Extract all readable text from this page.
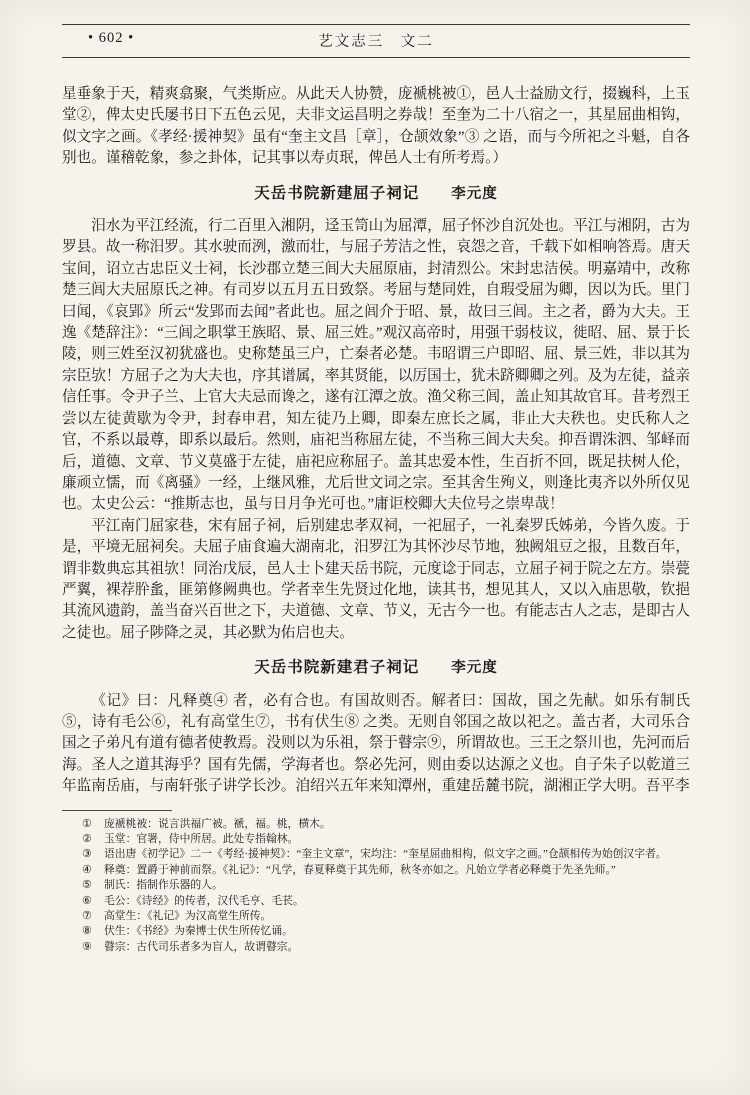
• 602 •	艺文志三　文二

星垂象于天，精爽翕聚，气类斯应。从此天人协赞，庞褫桃被①，邑人士益励文行，掇巍科，上玉堂②，俾太史氏屡书日下五色云见，夫非文运昌明之券哉！至奎为二十八宿之一，其星屈曲相钩，似文字之画。《孝经·援神契》虽有“奎主文昌［章］，仓颉效象”③ 之语，而与今所祀之斗魁，自各别也。谨稽乾象，参之卦体，记其事以寿贞珉，俾邑人士有所考焉。）

天岳书院新建屈子祠记 李元度

汨水为平江经流，行二百里入湘阴，迳玉笥山为屈潭，屈子怀沙自沉处也。平江与湘阴，古为罗县。故一称汨罗。其水驶而洌，激而壮，与屈子芳洁之性，哀怨之音，千载下如相响答焉。唐天宝间，诏立古忠臣义士祠，长沙郡立楚三闾大夫屈原庙，封清烈公。宋封忠洁侯。明嘉靖中，改称楚三闾大夫屈原氏之神。有司岁以五月五日致祭。考屈与楚同姓，自瑕受屈为卿，因以为氏。里门曰闻，《哀郢》所云“发郢而去闻”者此也。屈之闾介于昭、景，故曰三闾。主之者，爵为大夫。王逸《楚辞注》：“三闾之职掌王族昭、景、屈三姓。”观汉高帝时，用强干弱枝议，徙昭、屈、景于长陵，则三姓至汉初犹盛也。史称楚虽三户，亡秦者必楚。韦昭谓三户即昭、屈、景三姓，非以其为宗臣欤！方屈子之为大夫也，序其谱属，率其贤能，以厉国士，犹未跻卿卿之列。及为左徒，益亲信任事。令尹子兰、上官大夫忌而谗之，遂有江潭之放。渔父称三闾，盖止知其故官耳。昔考烈王尝以左徒黄歇为令尹，封春申君，知左徒乃上卿，即秦左庶长之属，非止大夫秩也。史氏称人之官，不系以最尊，即系以最后。然则，庙祀当称屈左徒，不当称三闾大夫矣。抑吾谓洙泗、邹峄而后，道德、文章、节义莫盛于左徒，庙祀应称屈子。盖其忠爱本性，生百折不回，既足扶树人伦，廉顽立懦，而《离骚》一经，上继风雅，尤后世文词之宗。至其舍生殉义，则逢比夷齐以外所仅见也。太史公云：“推斯志也，虽与日月争光可也。”庸讵校卿大夫位号之崇卑哉！

平江南门屈家巷，宋有屈子祠，后别建忠孝双祠，一祀屈子，一礼秦罗氏姊弟，今皆久废。于是，平境无屈祠矣。夫屈子庙食遍大湖南北，汨罗江为其怀沙尽节地，独阙俎豆之报，且数百年，谓非数典忘其祖欤！同治戊辰，邑人士卜建天岳书院，元度谂于同志，立屈子祠于院之左方。崇甍严翼，裸荐肸蚃，匪第修阙典也。学者幸生先贤过化地，读其书，想见其人，又以入庙思敬，钦挹其流风遗韵，盖当奋兴百世之下，夫道德、文章、节义，无古今一也。有能志古人之志，是即古人之徒也。屈子陟降之灵，其必默为佑启也夫。

天岳书院新建君子祠记 李元度

《记》曰：凡释奠④ 者，必有合也。有国故则否。解者曰：国故，国之先献。如乐有制氏⑤，诗有毛公⑥，礼有高堂生⑦，书有伏生⑧ 之类。无则自邻国之故以祀之。盖古者，大司乐合国之子弟凡有道有德者使教焉。没则以为乐祖，祭于瞽宗⑨，所谓故也。三王之祭川也，先河而后海。圣人之道其海乎？国有先儒，学海者也。祭必先河，则由委以达源之义也。自子朱子以乾道三年监南岳庙，与南轩张子讲学长沙。洎绍兴五年来知潭州，重建岳麓书院，湖湘正学大明。吾平李

①	庞褫桃被：说言洪福广被。褫，福。桃，横木。
②	玉堂：官署，侍中所居。此处专指翰林。
③	语出唐《初学记》二一《考经·援神契》：“奎主文章”，宋均注：“奎星屈曲相构，似文字之画。”仓颉相传为始创汉字者。
④	释奠：置爵于神前而祭。《礼记》：“凡学，春夏释奠于其先师，秋冬亦如之。凡始立学者必释奠于先圣先师。”
⑤	制氏：指制作乐器的人。
⑥	毛公：《诗经》的传者，汉代毛亨、毛苌。
⑦	高堂生：《礼记》为汉高堂生所传。
⑧	伏生：《书经》为秦博士伏生所传忆诵。
⑨	瞽宗：古代司乐者多为盲人，故谓瞽宗。
